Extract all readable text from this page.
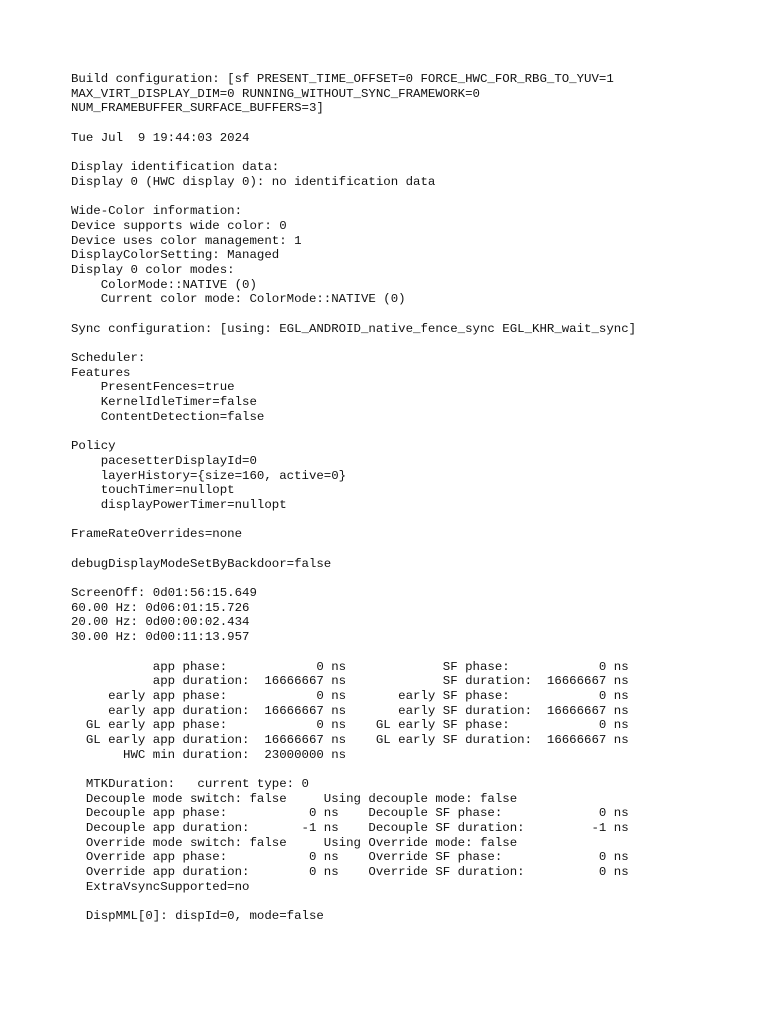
Build configuration: [sf PRESENT_TIME_OFFSET=0 FORCE_HWC_FOR_RBG_TO_YUV=1
MAX_VIRT_DISPLAY_DIM=0 RUNNING_WITHOUT_SYNC_FRAMEWORK=0
NUM_FRAMEBUFFER_SURFACE_BUFFERS=3]
Tue Jul  9 19:44:03 2024
Display identification data:
Display 0 (HWC display 0): no identification data
Wide-Color information:
Device supports wide color: 0
Device uses color management: 1
DisplayColorSetting: Managed
Display 0 color modes:
ColorMode::NATIVE (0)
Current color mode: ColorMode::NATIVE (0)
Sync configuration: [using: EGL_ANDROID_native_fence_sync EGL_KHR_wait_sync]
Scheduler:
Features
PresentFences=true
KernelIdleTimer=false
ContentDetection=false
Policy
pacesetterDisplayId=0
layerHistory={size=160, active=0}
touchTimer=nullopt
displayPowerTimer=nullopt
FrameRateOverrides=none
debugDisplayModeSetByBackdoor=false
ScreenOff: 0d01:56:15.649
60.00 Hz: 0d06:01:15.726
20.00 Hz: 0d00:00:02.434
30.00 Hz: 0d00:11:13.957
app phase:            0 ns             SF phase:            0 ns
app duration:  16666667 ns             SF duration:  16666667 ns
early app phase:            0 ns       early SF phase:            0 ns
early app duration:  16666667 ns       early SF duration:  16666667 ns
GL early app phase:            0 ns    GL early SF phase:            0 ns
GL early app duration:  16666667 ns    GL early SF duration:  16666667 ns
HWC min duration:  23000000 ns
MTKDuration:   current type: 0
Decouple mode switch: false     Using decouple mode: false
Decouple app phase:           0 ns    Decouple SF phase:             0 ns
Decouple app duration:       -1 ns    Decouple SF duration:         -1 ns
Override mode switch: false     Using Override mode: false
Override app phase:           0 ns    Override SF phase:             0 ns
Override app duration:        0 ns    Override SF duration:          0 ns
ExtraVsyncSupported=no
DispMML[0]: dispId=0, mode=false
